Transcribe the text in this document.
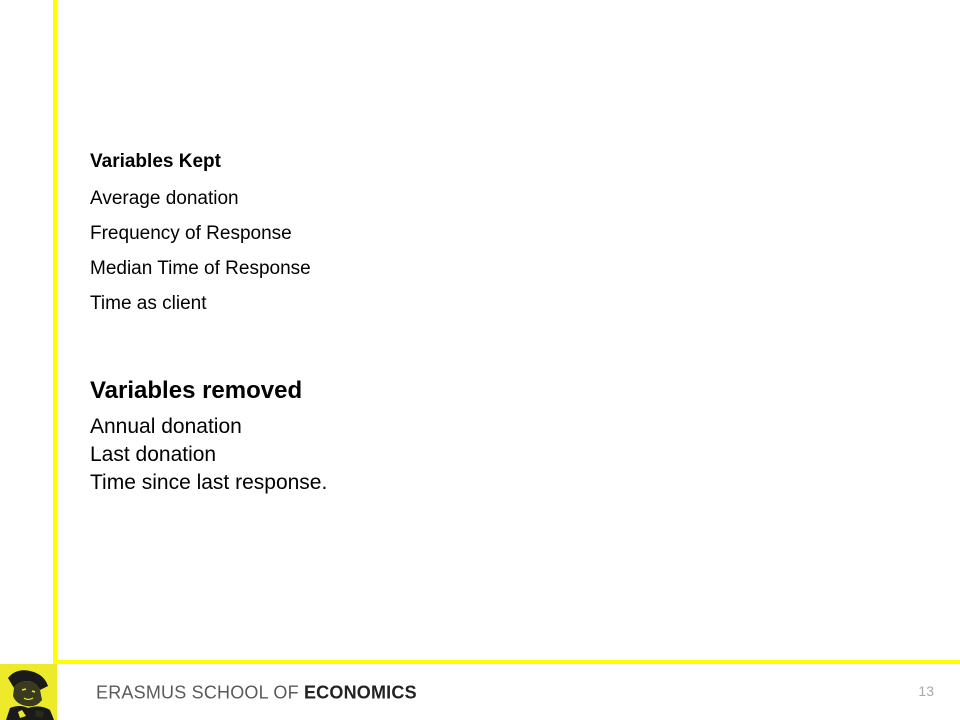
Variables Kept
Average donation
Frequency of Response
Median Time of Response
Time as client
Variables removed
Annual donation
Last donation
Time since last response.
ERASMUS SCHOOL OF ECONOMICS	13
